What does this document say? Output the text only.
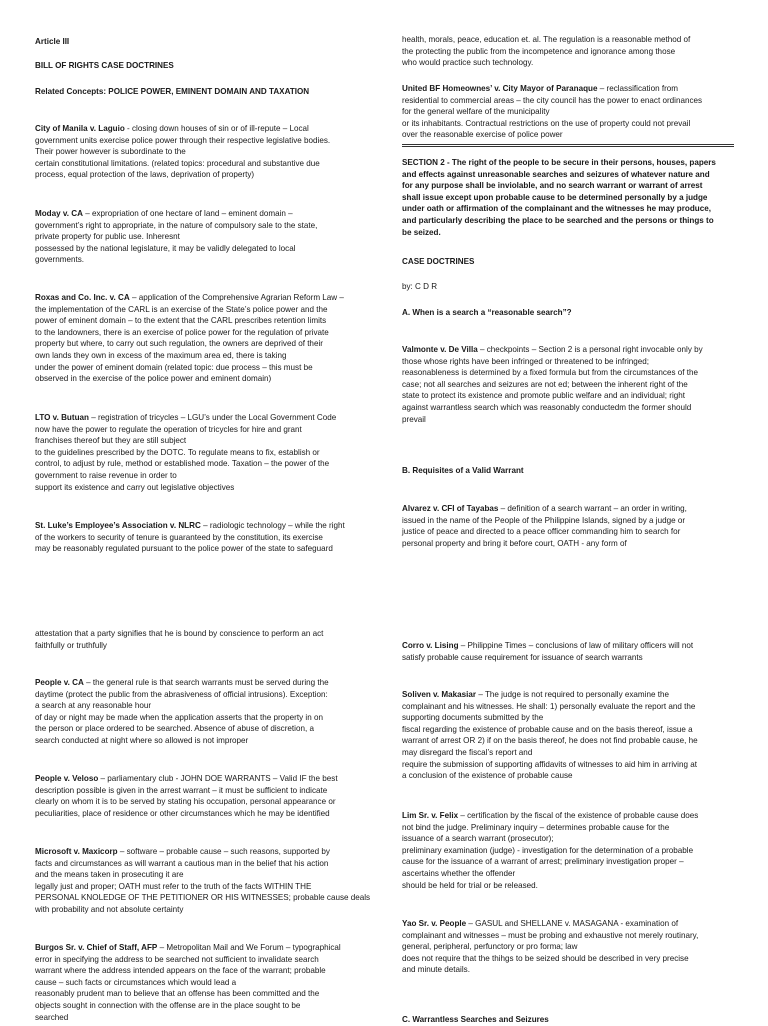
Article III
BILL OF RIGHTS CASE DOCTRINES
Related Concepts: POLICE POWER, EMINENT DOMAIN AND TAXATION
City of Manila v. Laguio - closing down houses of sin or of ill-repute – Local
government units exercise police power through their respective legislative bodies.
Their power however is subordinate to the
certain constitutional limitations. (related topics: procedural and substantive due
process, equal protection of the laws, deprivation of property)
Moday v. CA – expropriation of one hectare of land – eminent domain –
government’s right to appropriate, in the nature of compulsory sale to the state,
private property for public use. Inheresnt
possessed by the national legislature, it may be validly delegated to local
governments.
Roxas and Co. Inc. v. CA – application of the Comprehensive Agrarian Reform Law –
the implementation of the CARL is an exercise of the State’s police power and the
power of eminent domain – to the extent that the CARL prescribes retention limits
to the landowners, there is an exercise of police power for the regulation of private
property but where, to carry out such regulation, the owners are deprived of their
own lands they own in excess of the maximum area ed, there is taking
under the power of eminent domain (related topic: due process – this must be
observed in the exercise of the police power and eminent domain)
LTO v. Butuan – registration of tricycles – LGU’s under the Local Government Code
now have the power to regulate the operation of tricycles for hire and grant
franchises thereof but they are still subject
to the guidelines prescribed by the DOTC. To regulate means to fix, establish or
control, to adjust by rule, method or established mode. Taxation – the power of the
government to raise revenue in order to
support its existence and carry out legislative objectives
St. Luke’s Employee’s Association v. NLRC – radiologic technology – while the right
of the workers to security of tenure is guaranteed by the constitution, its exercise
may be reasonably regulated pursuant to the police power of the state to safeguard
attestation that a party signifies that he is bound by conscience to perform an act
faithfully or truthfully
People v. CA – the general rule is that search warrants must be served during the
daytime (protect the public from the abrasiveness of official intrusions). Exception:
a search at any reasonable hour
of day or night may be made when the application asserts that the property in on
the person or place ordered to be searched. Absence of abuse of discretion, a
search conducted at night where so allowed is not improper
People v. Veloso – parliamentary club - JOHN DOE WARRANTS – Valid IF the best
description possible is given in the arrest warrant – it must be sufficient to indicate
clearly on whom it is to be served by stating his occupation, personal appearance or
peculiarities, place of residence or other circumstances which he may be identified
Microsoft v. Maxicorp – software – probable cause – such reasons, supported by
facts and circumstances as will warrant a cautious man in the belief that his action
and the means taken in prosecuting it are
legally just and proper; OATH must refer to the truth of the facts WITHIN THE
PERSONAL KNOLEDGE OF THE PETITIONER OR HIS WITNESSES; probable cause deals
with probability and not absolute certainty
Burgos Sr. v. Chief of Staff, AFP – Metropolitan Mail and We Forum – typographical
error in specifying the address to be searched not sufficient to invalidate search
warrant where the address intended appears on the face of the warrant; probable
cause – such facts or circumstances which would lead a
reasonably prudent man to believe that an offense has been committed and the
objects sought in connection with the offense are in the place sought to be
searched
health, morals, peace, education et. al. The regulation is a reasonable method of
the protecting the public from the incompetence and ignorance among those
who would practice such technology.
United BF Homeownes’ v. City Mayor of Paranaque – reclassification from
residential to commercial areas – the city council has the power to enact ordinances
for the general welfare of the municipality
or its inhabitants. Contractual restrictions on the use of property could not prevail
over the reasonable exercise of police power
SECTION 2 - The right of the people to be secure in their persons, houses, papers
and effects against unreasonable searches and seizures of whatever nature and
for any purpose shall be inviolable, and no search warrant or warrant of arrest
shall issue except upon probable cause to be determined personally by a judge
under oath or affirmation of the complainant and the witnesses he may produce,
and particularly describing the place to be searched and the persons or things to
be seized.
CASE DOCTRINES
by: C D R
A. When is a search a “reasonable search”?
Valmonte v. De Villa – checkpoints – Section 2 is a personal right invocable only by
those whose rights have been infringed or threatened to be infringed;
reasonableness is determined by a fixed formula but from the circumstances of the
case; not all searches and seizures are not ed; between the inherent right of the
state to protect its existence and promote public welfare and an individual; right
against warrantless search which was reasonably conductedm the former should
prevail
B. Requisites of a Valid Warrant
Alvarez v. CFI of Tayabas – definition of a search warrant – an order in writing,
issued in the name of the People of the Philippine Islands, signed by a judge or
justice of peace and directed to a peace officer commanding him to search for
personal property and bring it before court, OATH - any form of
Corro v. Lising – Philippine Times – conclusions of law of military officers will not
satisfy probable cause requirement for issuance of search warrants
Soliven v. Makasiar – The judge is not required to personally examine the
complainant and his witnesses. He shall: 1) personally evaluate the report and the
supporting documents submitted by the
fiscal regarding the existence of probable cause and on the basis thereof, issue a
warrant of arrest OR 2) if on the basis thereof, he does not find probable cause, he
may disregard the fiscal’s report and
require the submission of supporting affidavits of witnesses to aid him in arriving at
a conclusion of the existence of probable cause
Lim Sr. v. Felix – certification by the fiscal of the existence of probable cause does
not bind the judge. Preliminary inquiry – determines probable cause for the
issuance of a search warrant (prosecutor);
preliminary examination (judge) - investigation for the determination of a probable
cause for the issuance of a warrant of arrest; preliminary investigation proper –
ascertains whether the offender
should be held for trial or be released.
Yao Sr. v. People – GASUL and SHELLANE v. MASAGANA - examination of
complainant and witnesses – must be probing and exhaustive not merely routinary,
general, peripheral, perfunctory or pro forma; law
does not require that the thihgs to be seized should be described in very precise
and minute details.
C. Warrantless Searches and Seizures
